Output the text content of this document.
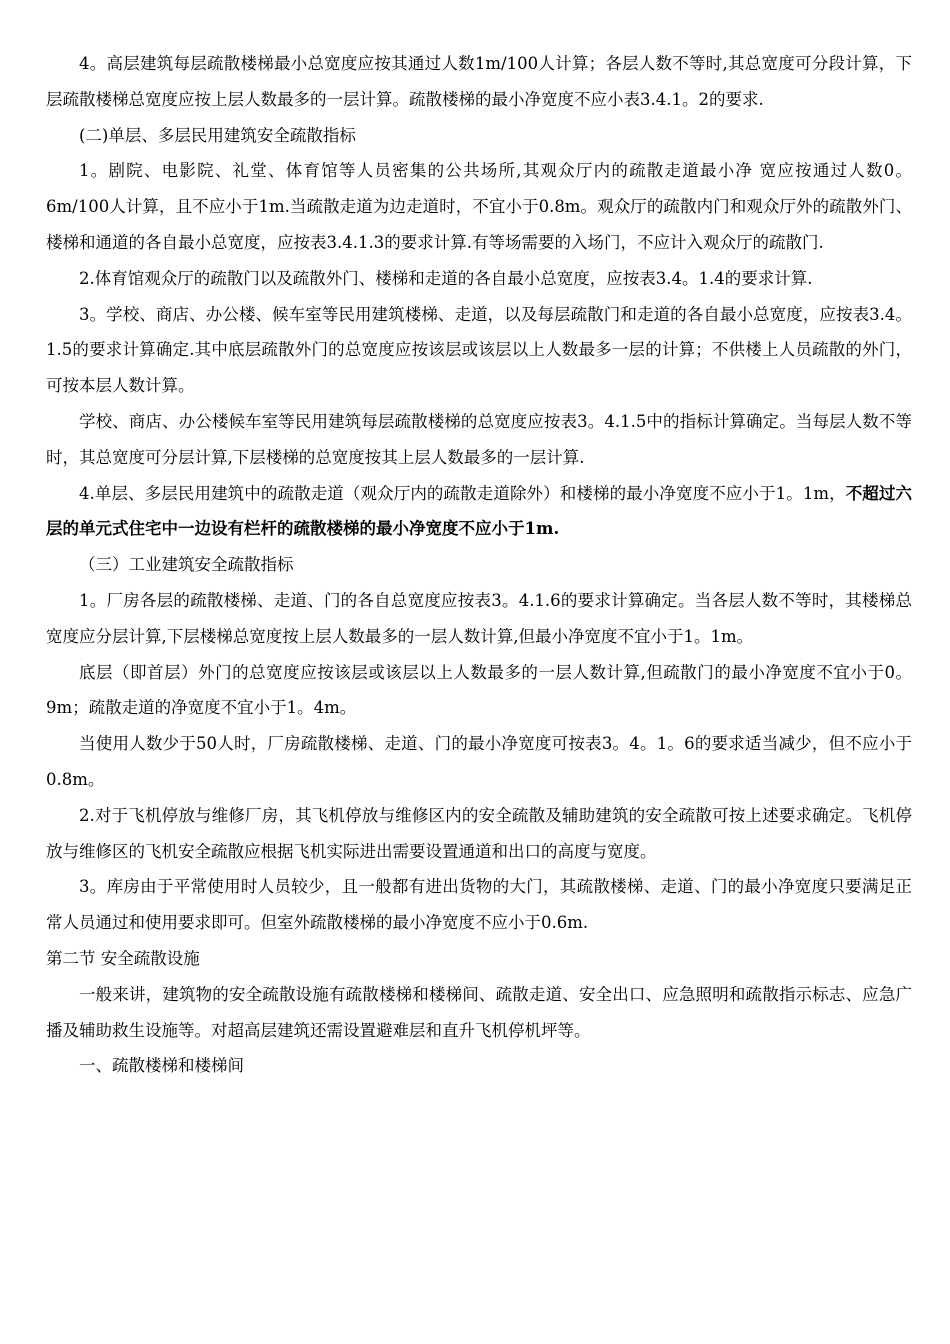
4。高层建筑每层疏散楼梯最小总宽度应按其通过人数1m/100人计算；各层人数不等时,其总宽度可分段计算，下层疏散楼梯总宽度应按上层人数最多的一层计算。疏散楼梯的最小净宽度不应小表3.4.1。2的要求.

(二)单层、多层民用建筑安全疏散指标

1。剧院、电影院、礼堂、体育馆等人员密集的公共场所,其观众厅内的疏散走道最小净 宽应按通过人数0。6m/100人计算，且不应小于1m.当疏散走道为边走道时，不宜小于0.8m。观众厅的疏散内门和观众厅外的疏散外门、楼梯和通道的各自最小总宽度，应按表3.4.1.3的要求计算.有等场需要的入场门，不应计入观众厅的疏散门.

2.体育馆观众厅的疏散门以及疏散外门、楼梯和走道的各自最小总宽度，应按表3.4。1.4的要求计算.

3。学校、商店、办公楼、候车室等民用建筑楼梯、走道，以及每层疏散门和走道的各自最小总宽度，应按表3.4。1.5的要求计算确定.其中底层疏散外门的总宽度应按该层或该层以上人数最多一层的计算；不供楼上人员疏散的外门，可按本层人数计算。

学校、商店、办公楼候车室等民用建筑每层疏散楼梯的总宽度应按表3。4.1.5中的指标计算确定。当每层人数不等时，其总宽度可分层计算,下层楼梯的总宽度按其上层人数最多的一层计算.

4.单层、多层民用建筑中的疏散走道（观众厅内的疏散走道除外）和楼梯的最小净宽度不应小于1。1m，不超过六层的单元式住宅中一边设有栏杆的疏散楼梯的最小净宽度不应小于1m.

（三）工业建筑安全疏散指标

1。厂房各层的疏散楼梯、走道、门的各自总宽度应按表3。4.1.6的要求计算确定。当各层人数不等时，其楼梯总宽度应分层计算,下层楼梯总宽度按上层人数最多的一层人数计算,但最小净宽度不宜小于1。1m。

底层（即首层）外门的总宽度应按该层或该层以上人数最多的一层人数计算,但疏散门的最小净宽度不宜小于0。9m；疏散走道的净宽度不宜小于1。4m。

当使用人数少于50人时，厂房疏散楼梯、走道、门的最小净宽度可按表3。4。1。6的要求适当减少，但不应小于0.8m。

2.对于飞机停放与维修厂房，其飞机停放与维修区内的安全疏散及辅助建筑的安全疏散可按上述要求确定。飞机停放与维修区的飞机安全疏散应根据飞机实际进出需要设置通道和出口的高度与宽度。

3。库房由于平常使用时人员较少，且一般都有进出货物的大门，其疏散楼梯、走道、门的最小净宽度只要满足正常人员通过和使用要求即可。但室外疏散楼梯的最小净宽度不应小于0.6m.

第二节 安全疏散设施

一般来讲，建筑物的安全疏散设施有疏散楼梯和楼梯间、疏散走道、安全出口、应急照明和疏散指示标志、应急广播及辅助救生设施等。对超高层建筑还需设置避难层和直升飞机停机坪等。

一、疏散楼梯和楼梯间
